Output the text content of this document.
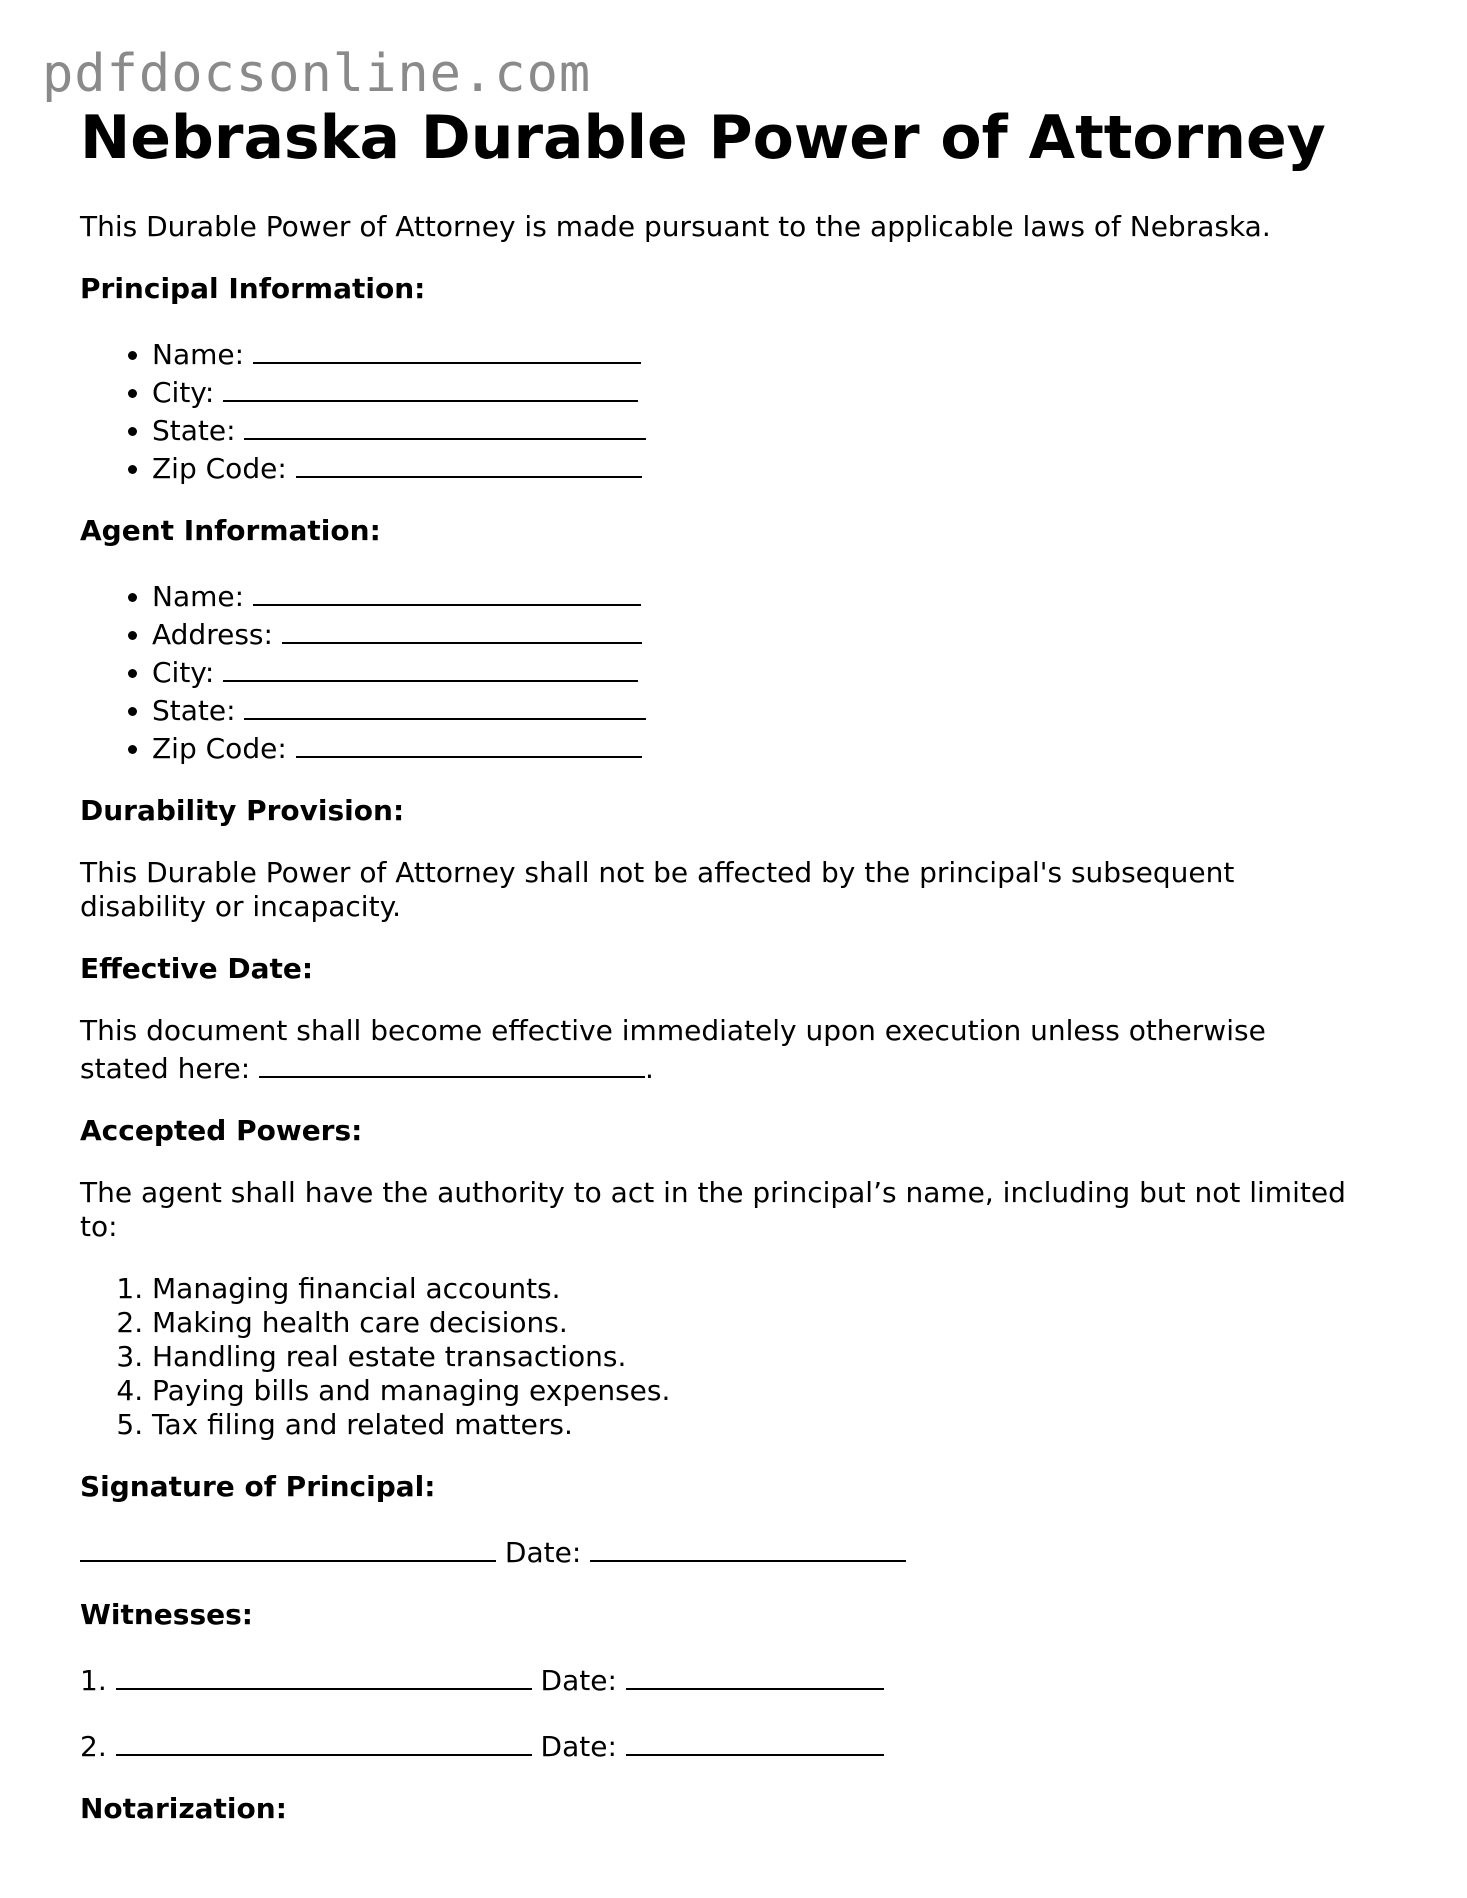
pdfdocsonline.com
Nebraska Durable Power of Attorney

This Durable Power of Attorney is made pursuant to the applicable laws of Nebraska.

Principal Information:
• Name:
• City:
• State:
• Zip Code:
Agent Information:
• Name:
• Address:
• City:
• State:
• Zip Code:
Durability Provision:

This Durable Power of Attorney shall not be affected by the principal's subsequent disability or incapacity.

Effective Date:

This document shall become effective immediately upon execution unless otherwise
stated here:	.

Accepted Powers:

The agent shall have the authority to act in the principal’s name, including but not limited to:

1. Managing financial accounts.
2. Making health care decisions.
3. Handling real estate transactions.
4. Paying bills and managing expenses.
5. Tax filing and related matters.
Signature of Principal:

Date:

Witnesses:

1.	Date:

2.	Date:

Notarization:
